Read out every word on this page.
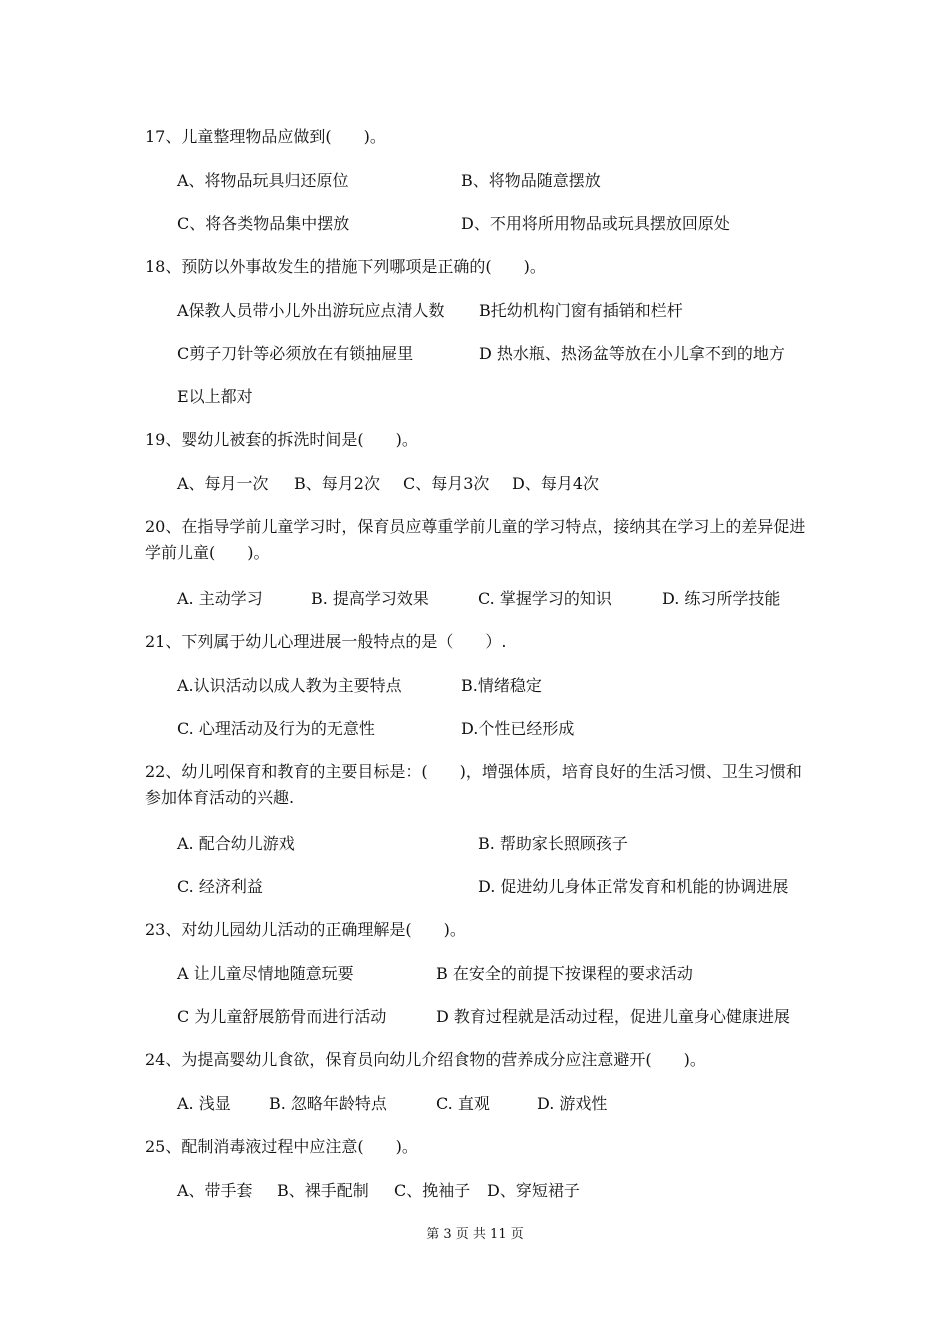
17、儿童整理物品应做到(　　)。
A、将物品玩具归还原位	B、将物品随意摆放
C、将各类物品集中摆放	D、不用将所用物品或玩具摆放回原处
18、预防以外事故发生的措施下列哪项是正确的(　　)。
A保教人员带小儿外出游玩应点清人数 B托幼机构门窗有插销和栏杆
C剪子刀针等必须放在有锁抽屉里	D 热水瓶、热汤盆等放在小儿拿不到的地方
E以上都对
19、婴幼儿被套的拆洗时间是(　　)。
A、每月一次 B、每月2次 C、每月3次 D、每月4次
20、在指导学前儿童学习时，保育员应尊重学前儿童的学习特点，接纳其在学习上的差异促进学前儿童(　　)。
A. 主动学习	B. 提高学习效果	C. 掌握学习的知识	D. 练习所学技能
21、下列属于幼儿心理进展一般特点的是（　　）.
A.认识活动以成人教为主要特点	B.情绪稳定
C. 心理活动及行为的无意性	D.个性已经形成
22、幼儿吲保育和教育的主要目标是：(　　)，增强体质，培育良好的生活习惯、卫生习惯和参加体育活动的兴趣.
A. 配合幼儿游戏	B. 帮助家长照顾孩子
C. 经济利益	D. 促进幼儿身体正常发育和机能的协调进展
23、对幼儿园幼儿活动的正确理解是(　　)。
A 让儿童尽情地随意玩要	B 在安全的前提下按课程的要求活动
C 为儿童舒展筋骨而进行活动	D 教育过程就是活动过程，促进儿童身心健康进展
24、为提高婴幼儿食欲，保育员向幼儿介绍食物的营养成分应注意避开(　　)。
A. 浅显 B. 忽略年龄特点	C. 直观	D. 游戏性
25、配制消毒液过程中应注意(　　)。
A、带手套 B、裸手配制 C、挽袖子 D、穿短裙子
第 3 页 共 11 页
